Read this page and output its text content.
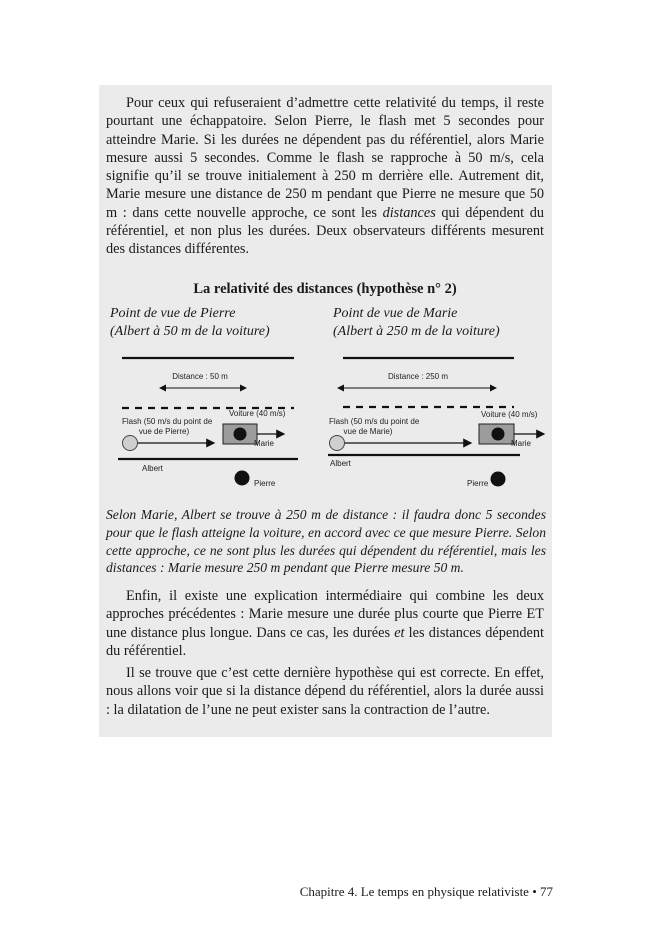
Pour ceux qui refuseraient d’admettre cette relativité du temps, il reste pourtant une échappatoire. Selon Pierre, le flash met 5 secondes pour atteindre Marie. Si les durées ne dépendent pas du référentiel, alors Marie mesure aussi 5 secondes. Comme le flash se rapproche à 50 m/s, cela signifie qu’il se trouve initialement à 250 m derrière elle. Autrement dit, Marie mesure une distance de 250 m pendant que Pierre ne mesure que 50 m : dans cette nouvelle approche, ce sont les distances qui dépendent du référentiel, et non plus les durées. Deux observateurs différents mesurent des distances différentes.

La relativité des distances (hypothèse n° 2)
Point de vue de Pierre
(Albert à 50 m de la voiture)
Point de vue de Marie
(Albert à 250 m de la voiture)
Distance : 50 m
Flash (50 m/s du point de
vue de Pierre)
Voiture (40 m/s)
Marie
Albert
Pierre
Distance : 250 m
Flash (50 m/s du point de
vue de Marie)
Voiture (40 m/s)
Marie
Albert
Pierre
Selon Marie, Albert se trouve à 250 m de distance : il faudra donc 5 secondes pour que le flash atteigne la voiture, en accord avec ce que mesure Pierre. Selon cette approche, ce ne sont plus les durées qui dépendent du référentiel, mais les distances : Marie mesure 250 m pendant que Pierre mesure 50 m.

Enfin, il existe une explication intermédiaire qui combine les deux approches précédentes : Marie mesure une durée plus courte que Pierre ET une distance plus longue. Dans ce cas, les durées et les distances dépendent du référentiel.

Il se trouve que c’est cette dernière hypothèse qui est correcte. En effet, nous allons voir que si la distance dépend du référentiel, alors la durée aussi : la dilatation de l’une ne peut exister sans la contraction de l’autre.

Chapitre 4. Le temps en physique relativiste • 77
